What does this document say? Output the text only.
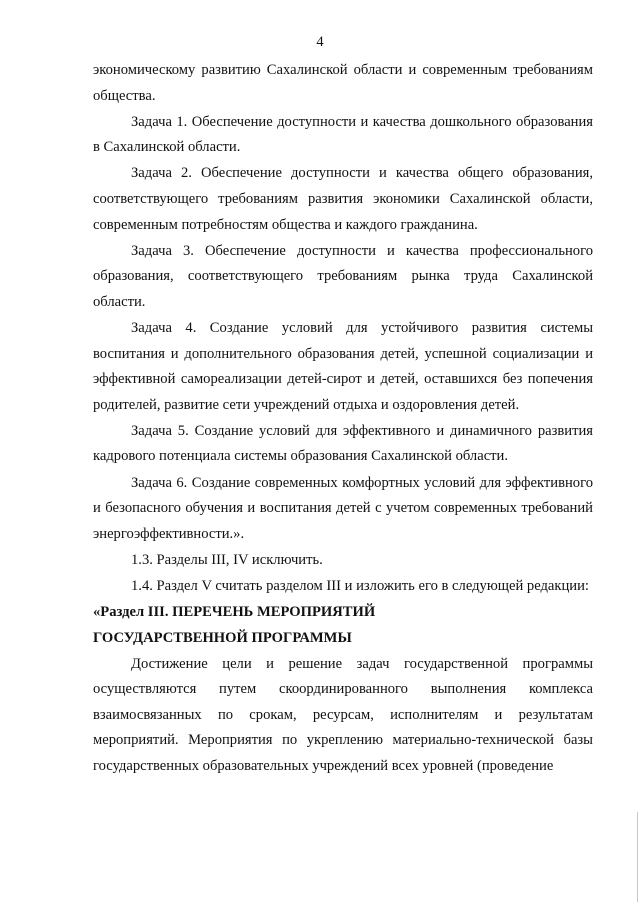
4

экономическому развитию Сахалинской области и современным требованиям общества.

Задача 1. Обеспечение доступности и качества дошкольного образования в Сахалинской области.

Задача 2. Обеспечение доступности и качества общего образования, соответствующего требованиям развития экономики Сахалинской области, современным потребностям общества и каждого гражданина.

Задача 3. Обеспечение доступности и качества профессионального образования, соответствующего требованиям рынка труда Сахалинской области.

Задача 4. Создание условий для устойчивого развития системы воспитания и дополнительного образования детей, успешной социализации и эффективной самореализации детей-сирот и детей, оставшихся без попечения родителей, развитие сети учреждений отдыха и оздоровления детей.

Задача 5. Создание условий для эффективного и динамичного развития кадрового потенциала системы образования Сахалинской области.

Задача 6. Создание современных комфортных условий для эффективного и безопасного обучения и воспитания детей с учетом современных требований энергоэффективности.».

1.3. Разделы III, IV исключить.

1.4. Раздел V считать разделом III и изложить его в следующей редакции:

«Раздел III. ПЕРЕЧЕНЬ МЕРОПРИЯТИЙ

ГОСУДАРСТВЕННОЙ ПРОГРАММЫ

Достижение цели и решение задач государственной программы осуществляются путем скоординированного выполнения комплекса взаимосвязанных по срокам, ресурсам, исполнителям и результатам мероприятий. Мероприятия по укреплению материально-технической базы государственных образовательных учреждений всех уровней (проведение
